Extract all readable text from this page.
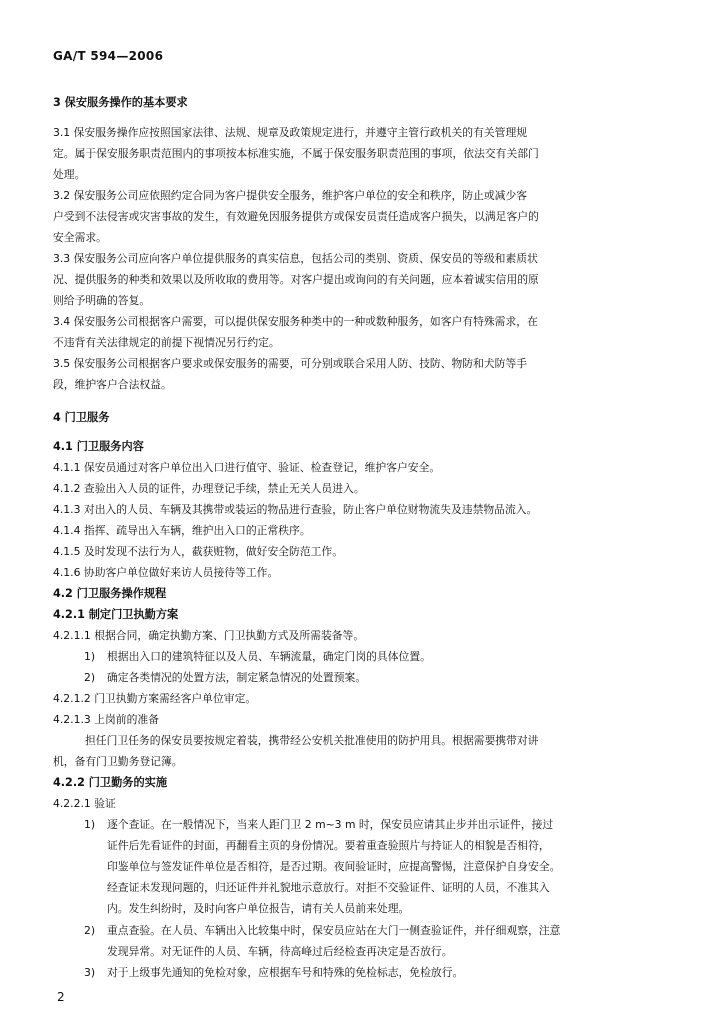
GA/T 594—2006
3 保安服务操作的基本要求
3.1 保安服务操作应按照国家法律、法规、规章及政策规定进行，并遵守主管行政机关的有关管理规
定。属于保安服务职责范围内的事项按本标准实施，不属于保安服务职责范围的事项，依法交有关部门
处理。
3.2 保安服务公司应依照约定合同为客户提供安全服务，维护客户单位的安全和秩序，防止或减少客
户受到不法侵害或灾害事故的发生，有效避免因服务提供方或保安员责任造成客户损失，以满足客户的
安全需求。
3.3 保安服务公司应向客户单位提供服务的真实信息，包括公司的类别、资质、保安员的等级和素质状
况、提供服务的种类和效果以及所收取的费用等。对客户提出或询问的有关问题，应本着诚实信用的原
则给予明确的答复。
3.4 保安服务公司根据客户需要，可以提供保安服务种类中的一种或数种服务，如客户有特殊需求，在
不违背有关法律规定的前提下视情况另行约定。
3.5 保安服务公司根据客户要求或保安服务的需要，可分别或联合采用人防、技防、物防和犬防等手
段，维护客户合法权益。
4 门卫服务
4.1 门卫服务内容
4.1.1 保安员通过对客户单位出入口进行值守、验证、检查登记，维护客户安全。
4.1.2 查验出入人员的证件，办理登记手续，禁止无关人员进入。
4.1.3 对出入的人员、车辆及其携带或装运的物品进行查验，防止客户单位财物流失及违禁物品流入。
4.1.4 指挥、疏导出入车辆，维护出入口的正常秩序。
4.1.5 及时发现不法行为人，截获赃物，做好安全防范工作。
4.1.6 协助客户单位做好来访人员接待等工作。
4.2 门卫服务操作规程
4.2.1 制定门卫执勤方案
4.2.1.1 根据合同，确定执勤方案、门卫执勤方式及所需装备等。
1) 根据出入口的建筑特征以及人员、车辆流量，确定门岗的具体位置。
2) 确定各类情况的处置方法，制定紧急情况的处置预案。
4.2.1.2 门卫执勤方案需经客户单位审定。
4.2.1.3 上岗前的准备
担任门卫任务的保安员要按规定着装，携带经公安机关批准使用的防护用具。根据需要携带对讲
机，备有门卫勤务登记簿。
4.2.2 门卫勤务的实施
4.2.2.1 验证
1) 逐个查证。在一般情况下，当来人距门卫 2 m~3 m 时，保安员应请其止步并出示证件，接过
证件后先看证件的封面，再翻看主页的身份情况。要着重查验照片与持证人的相貌是否相符，
印鉴单位与签发证件单位是否相符，是否过期。夜间验证时，应提高警惕，注意保护自身安全。
经查证未发现问题的，归还证件并礼貌地示意放行。对拒不交验证件、证明的人员，不准其入
内。发生纠纷时，及时向客户单位报告，请有关人员前来处理。
2) 重点查验。在人员、车辆出入比较集中时，保安员应站在大门一侧查验证件，并仔细观察，注意
发现异常。对无证件的人员、车辆，待高峰过后经检查再决定是否放行。
3) 对于上级事先通知的免检对象，应根据车号和特殊的免检标志，免检放行。
2
